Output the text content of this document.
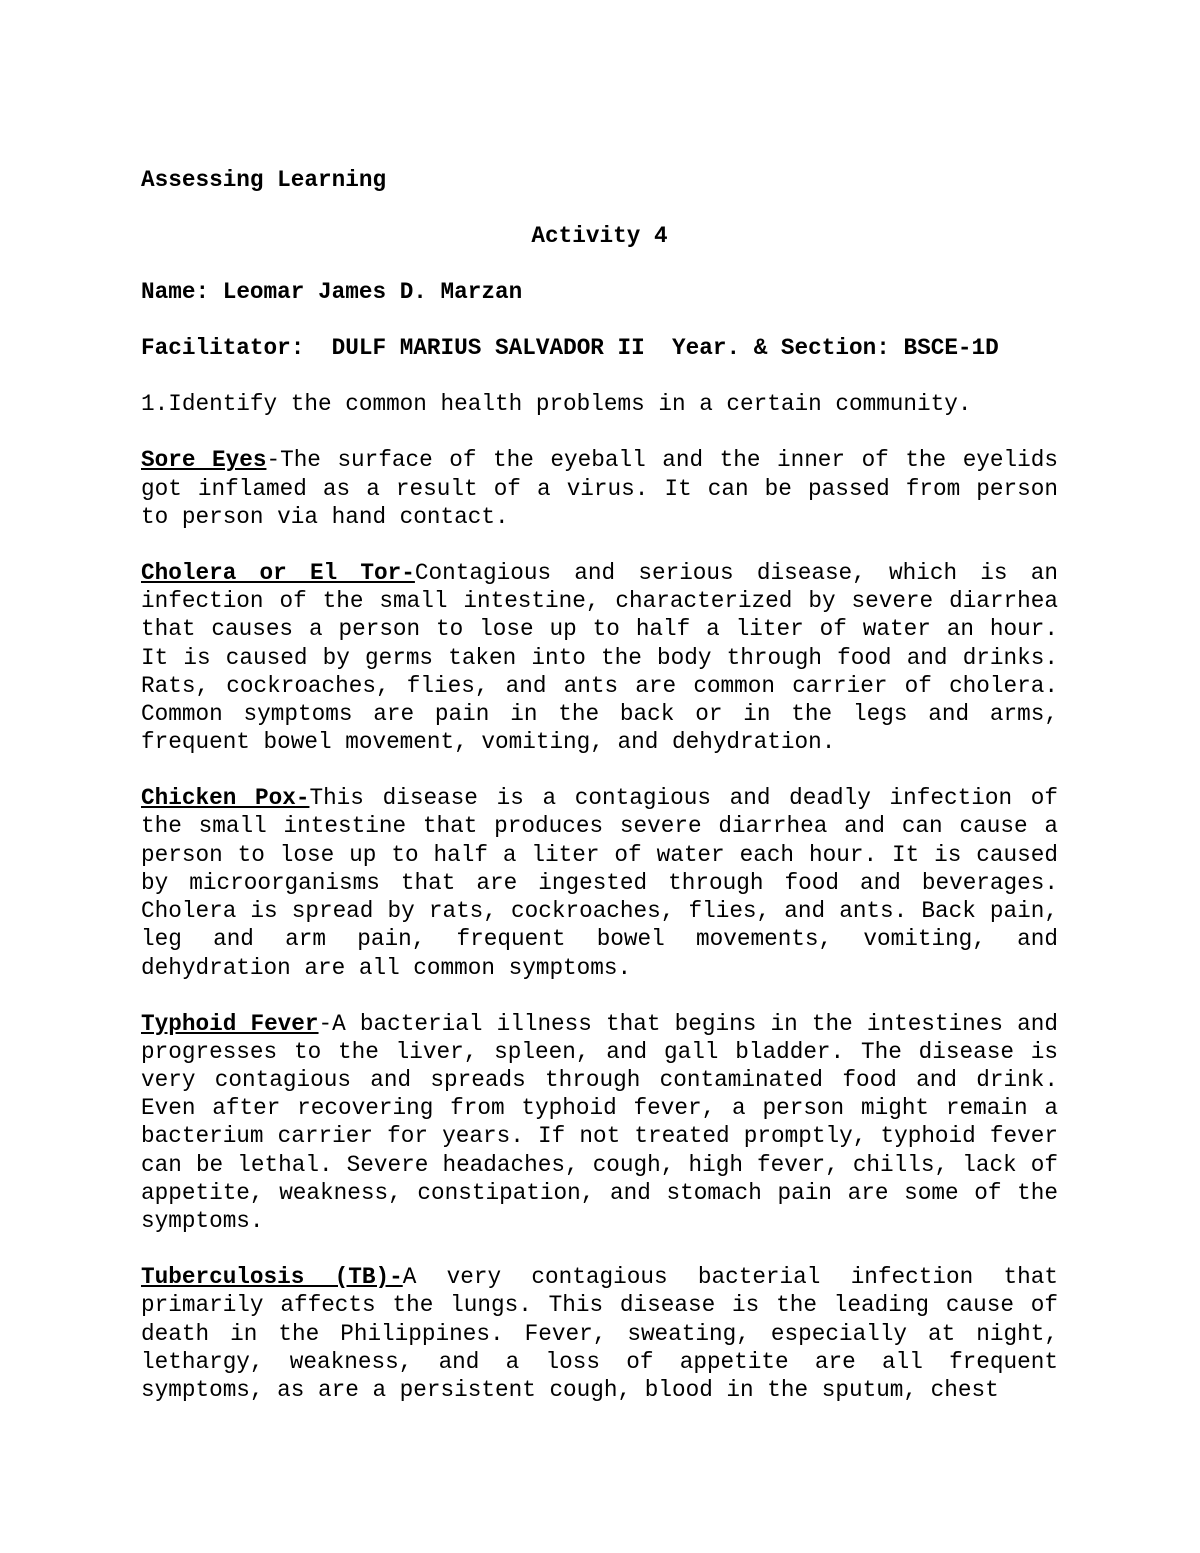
Assessing Learning

Activity 4

Name: Leomar James D. Marzan

Facilitator: DULF MARIUS SALVADOR II Year. & Section: BSCE-1D

1.Identify the common health problems in a certain community.

Sore Eyes-The surface of the eyeball and the inner of the eyelids got inflamed as a result of a virus. It can be passed from person to person via hand contact.

Cholera or El Tor-Contagious and serious disease, which is an infection of the small intestine, characterized by severe diarrhea that causes a person to lose up to half a liter of water an hour. It is caused by germs taken into the body through food and drinks. Rats, cockroaches, flies, and ants are common carrier of cholera. Common symptoms are pain in the back or in the legs and arms, frequent bowel movement, vomiting, and dehydration.

Chicken Pox-This disease is a contagious and deadly infection of the small intestine that produces severe diarrhea and can cause a person to lose up to half a liter of water each hour. It is caused by microorganisms that are ingested through food and beverages. Cholera is spread by rats, cockroaches, flies, and ants. Back pain, leg and arm pain, frequent bowel movements, vomiting, and dehydration are all common symptoms.

Typhoid Fever-A bacterial illness that begins in the intestines and progresses to the liver, spleen, and gall bladder. The disease is very contagious and spreads through contaminated food and drink. Even after recovering from typhoid fever, a person might remain a bacterium carrier for years. If not treated promptly, typhoid fever can be lethal. Severe headaches, cough, high fever, chills, lack of appetite, weakness, constipation, and stomach pain are some of the symptoms.

Tuberculosis (TB)-A very contagious bacterial infection that primarily affects the lungs. This disease is the leading cause of death in the Philippines. Fever, sweating, especially at night, lethargy, weakness, and a loss of appetite are all frequent symptoms, as are a persistent cough, blood in the sputum, chest
